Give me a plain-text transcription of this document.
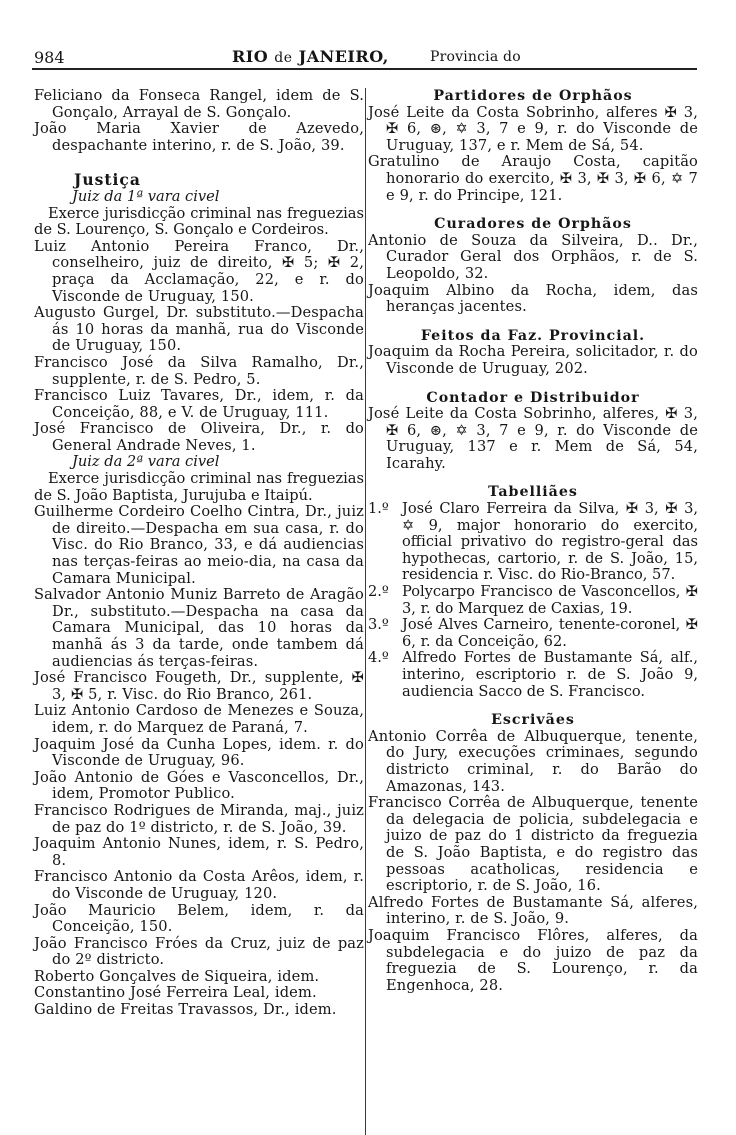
984	RIO de JANEIRO,	Provincia do

Feliciano da Fonseca Rangel, idem de S. Gonçalo, Arrayal de S. Gonçalo.

João Maria Xavier de Azevedo, despachante interino, r. de S. João, 39.

Justiça

Juiz da 1ª vara civel

Exerce jurisdicção criminal nas freguezias de S. Lourenço, S. Gonçalo e Cordeiros.

Luiz Antonio Pereira Franco, Dr., conselheiro, juiz de direito, ✠ 5; ✠ 2, praça da Acclamação, 22, e r. do Visconde de Uruguay, 150.

Augusto Gurgel, Dr. substituto.—Despacha ás 10 horas da manhã, rua do Visconde de Uruguay, 150.

Francisco José da Silva Ramalho, Dr., supplente, r. de S. Pedro, 5.

Francisco Luiz Tavares, Dr., idem, r. da Conceição, 88, e V. de Uruguay, 111.

José Francisco de Oliveira, Dr., r. do General Andrade Neves, 1.

Juiz da 2ª vara civel

Exerce jurisdicção criminal nas freguezias de S. João Baptista, Jurujuba e Itaipú.

Guilherme Cordeiro Coelho Cintra, Dr., juiz de direito.—Despacha em sua casa, r. do Visc. do Rio Branco, 33, e dá audiencias nas terças-feiras ao meio-dia, na casa da Camara Municipal.

Salvador Antonio Muniz Barreto de Aragão Dr., substituto.—Despacha na casa da Camara Municipal, das 10 horas da manhã ás 3 da tarde, onde tambem dá audiencias ás terças-feiras.

José Francisco Fougeth, Dr., supplente, ✠ 3, ✠ 5, r. Visc. do Rio Branco, 261.

Luiz Antonio Cardoso de Menezes e Souza, idem, r. do Marquez de Paraná, 7.

Joaquim José da Cunha Lopes, idem. r. do Visconde de Uruguay, 96.

João Antonio de Góes e Vasconcellos, Dr., idem, Promotor Publico.

Francisco Rodrigues de Miranda, maj., juiz de paz do 1º districto, r. de S. João, 39.

Joaquim Antonio Nunes, idem, r. S. Pedro, 8.

Francisco Antonio da Costa Arêos, idem, r. do Visconde de Uruguay, 120.

João Mauricio Belem, idem, r. da Conceição, 150.

João Francisco Fróes da Cruz, juiz de paz do 2º districto.

Roberto Gonçalves de Siqueira, idem.

Constantino José Ferreira Leal, idem.

Galdino de Freitas Travassos, Dr., idem.

Partidores de Orphãos

José Leite da Costa Sobrinho, alferes ✠ 3, ✠ 6, ⊛, ✡ 3, 7 e 9, r. do Visconde de Uruguay, 137, e r. Mem de Sá, 54.

Gratulino de Araujo Costa, capitão honorario do exercito, ✠ 3, ✠ 3, ✠ 6, ✡ 7 e 9, r. do Principe, 121.

Curadores de Orphãos

Antonio de Souza da Silveira, D.. Dr., Curador Geral dos Orphãos, r. de S. Leopoldo, 32.

Joaquim Albino da Rocha, idem, das heranças jacentes.

Feitos da Faz. Provincial.

Joaquim da Rocha Pereira, solicitador, r. do Visconde de Uruguay, 202.

Contador e Distribuidor

José Leite da Costa Sobrinho, alferes, ✠ 3, ✠ 6, ⊛, ✡ 3, 7 e 9, r. do Visconde de Uruguay, 137 e r. Mem de Sá, 54, Icarahy.

Tabelliães

1.º José Claro Ferreira da Silva, ✠ 3, ✠ 3, ✡ 9, major honorario do exercito, official privativo do registro-geral das hypothecas, cartorio, r. de S. João, 15, residencia r. Visc. do Rio-Branco, 57.

2.º Polycarpo Francisco de Vasconcellos, ✠ 3, r. do Marquez de Caxias, 19.

3.º José Alves Carneiro, tenente-coronel, ✠ 6, r. da Conceição, 62.

4.º Alfredo Fortes de Bustamante Sá, alf., interino, escriptorio r. de S. João 9, audiencia Sacco de S. Francisco.

Escrivães

Antonio Corrêa de Albuquerque, tenente, do Jury, execuções criminaes, segundo districto criminal, r. do Barão do Amazonas, 143.

Francisco Corrêa de Albuquerque, tenente da delegacia de policia, subdelegacia e juizo de paz do 1 districto da freguezia de S. João Baptista, e do registro das pessoas acatholicas, residencia e escriptorio, r. de S. João, 16.

Alfredo Fortes de Bustamante Sá, alferes, interino, r. de S. João, 9.

Joaquim Francisco Flôres, alferes, da subdelegacia e do juizo de paz da freguezia de S. Lourenço, r. da Engenhoca, 28.
